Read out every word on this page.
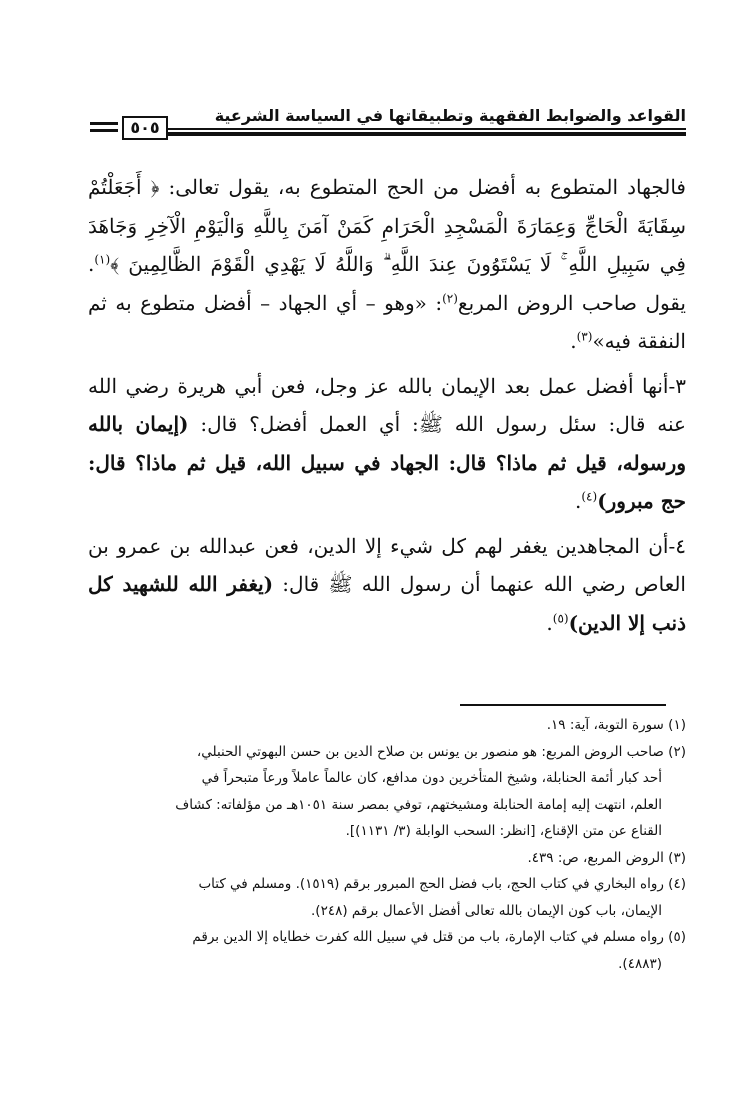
القواعد والضوابط الفقهية وتطبيقاتها في السياسة الشرعية
٥٠٥

فالجهاد المتطوع به أفضل من الحج المتطوع به، يقول تعالى: ﴿ أَجَعَلْتُمْ سِقَايَةَ الْحَاجِّ وَعِمَارَةَ الْمَسْجِدِ الْحَرَامِ كَمَنْ آمَنَ بِاللَّهِ وَالْيَوْمِ الْآخِرِ وَجَاهَدَ فِي سَبِيلِ اللَّهِ ۚ لَا يَسْتَوُونَ عِندَ اللَّهِ ۗ وَاللَّهُ لَا يَهْدِي الْقَوْمَ الظَّالِمِينَ ﴾$^{(١)}$. يقول صاحب الروض المربع$^{(٢)}$: «وهو – أي الجهاد – أفضل متطوع به ثم النفقة فيه»$^{(٣)}$.

٣-أنها أفضل عمل بعد الإيمان بالله عز وجل، فعن أبي هريرة رضي الله عنه قال: سئل رسول الله ﷺ: أي العمل أفضل؟ قال: (إيمان بالله ورسوله، قيل ثم ماذا؟ قال: الجهاد في سبيل الله، قيل ثم ماذا؟ قال: حج مبرور)$^{(٤)}$.

٤-أن المجاهدين يغفر لهم كل شيء إلا الدين، فعن عبدالله بن عمرو بن العاص رضي الله عنهما أن رسول الله ﷺ قال: (يغفر الله للشهيد كل ذنب إلا الدين)$^{(٥)}$.

(١) سورة التوبة، آية: ١٩.
(٢) صاحب الروض المربع: هو منصور بن يونس بن صلاح الدين بن حسن البهوتي الحنبلي،
أحد كبار أئمة الحنابلة، وشيخ المتأخرين دون مدافع، كان عالماً عاملاً ورعاً متبحراً في
العلم، انتهت إليه إمامة الحنابلة ومشيختهم، توفي بمصر سنة ١٠٥١هـ من مؤلفاته: كشاف
القناع عن متن الإقناع، [انظر: السحب الوابلة (٣/ ١١٣١)].
(٣) الروض المربع، ص: ٤٣٩.
(٤) رواه البخاري في كتاب الحج، باب فضل الحج المبرور برقم (١٥١٩). ومسلم في كتاب
الإيمان، باب كون الإيمان بالله تعالى أفضل الأعمال برقم (٢٤٨).
(٥) رواه مسلم في كتاب الإمارة، باب من قتل في سبيل الله كفرت خطاياه إلا الدين برقم
(٤٨٨٣).
